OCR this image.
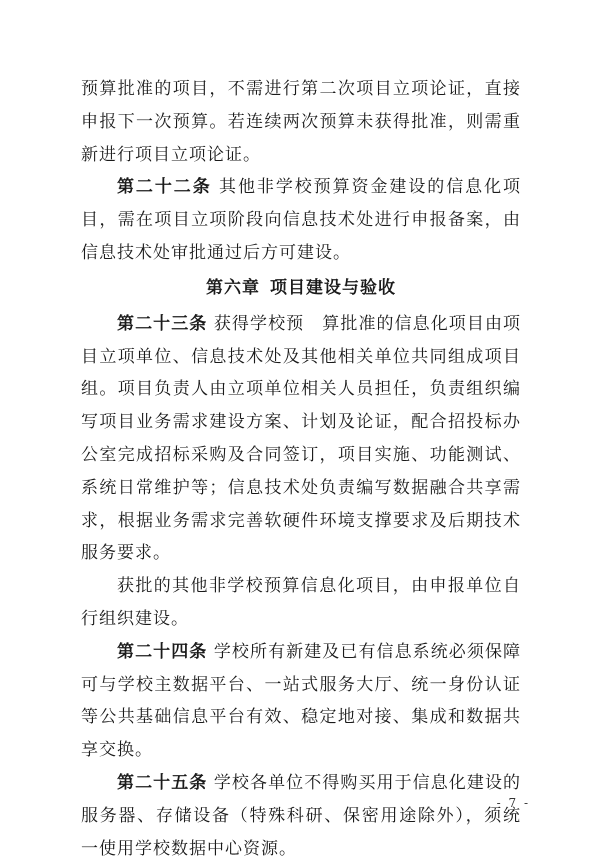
预算批准的项目，不需进行第二次项目立项论证，直接申报下一次预算。若连续两次预算未获得批准，则需重新进行项目立项论证。

第二十二条 其他非学校预算资金建设的信息化项目，需在项目立项阶段向信息技术处进行申报备案，由信息技术处审批通过后方可建设。

第六章 项目建设与验收

第二十三条 获得学校预　算批准的信息化项目由项目立项单位、信息技术处及其他相关单位共同组成项目组。项目负责人由立项单位相关人员担任，负责组织编写项目业务需求建设方案、计划及论证，配合招投标办公室完成招标采购及合同签订，项目实施、功能测试、系统日常维护等；信息技术处负责编写数据融合共享需求，根据业务需求完善软硬件环境支撑要求及后期技术服务要求。

获批的其他非学校预算信息化项目，由申报单位自行组织建设。

第二十四条 学校所有新建及已有信息系统必须保障可与学校主数据平台、一站式服务大厅、统一身份认证等公共基础信息平台有效、稳定地对接、集成和数据共享交换。

第二十五条 学校各单位不得购买用于信息化建设的服务器、存储设备（特殊科研、保密用途除外），须统一使用学校数据中心资源。

- 7 -
